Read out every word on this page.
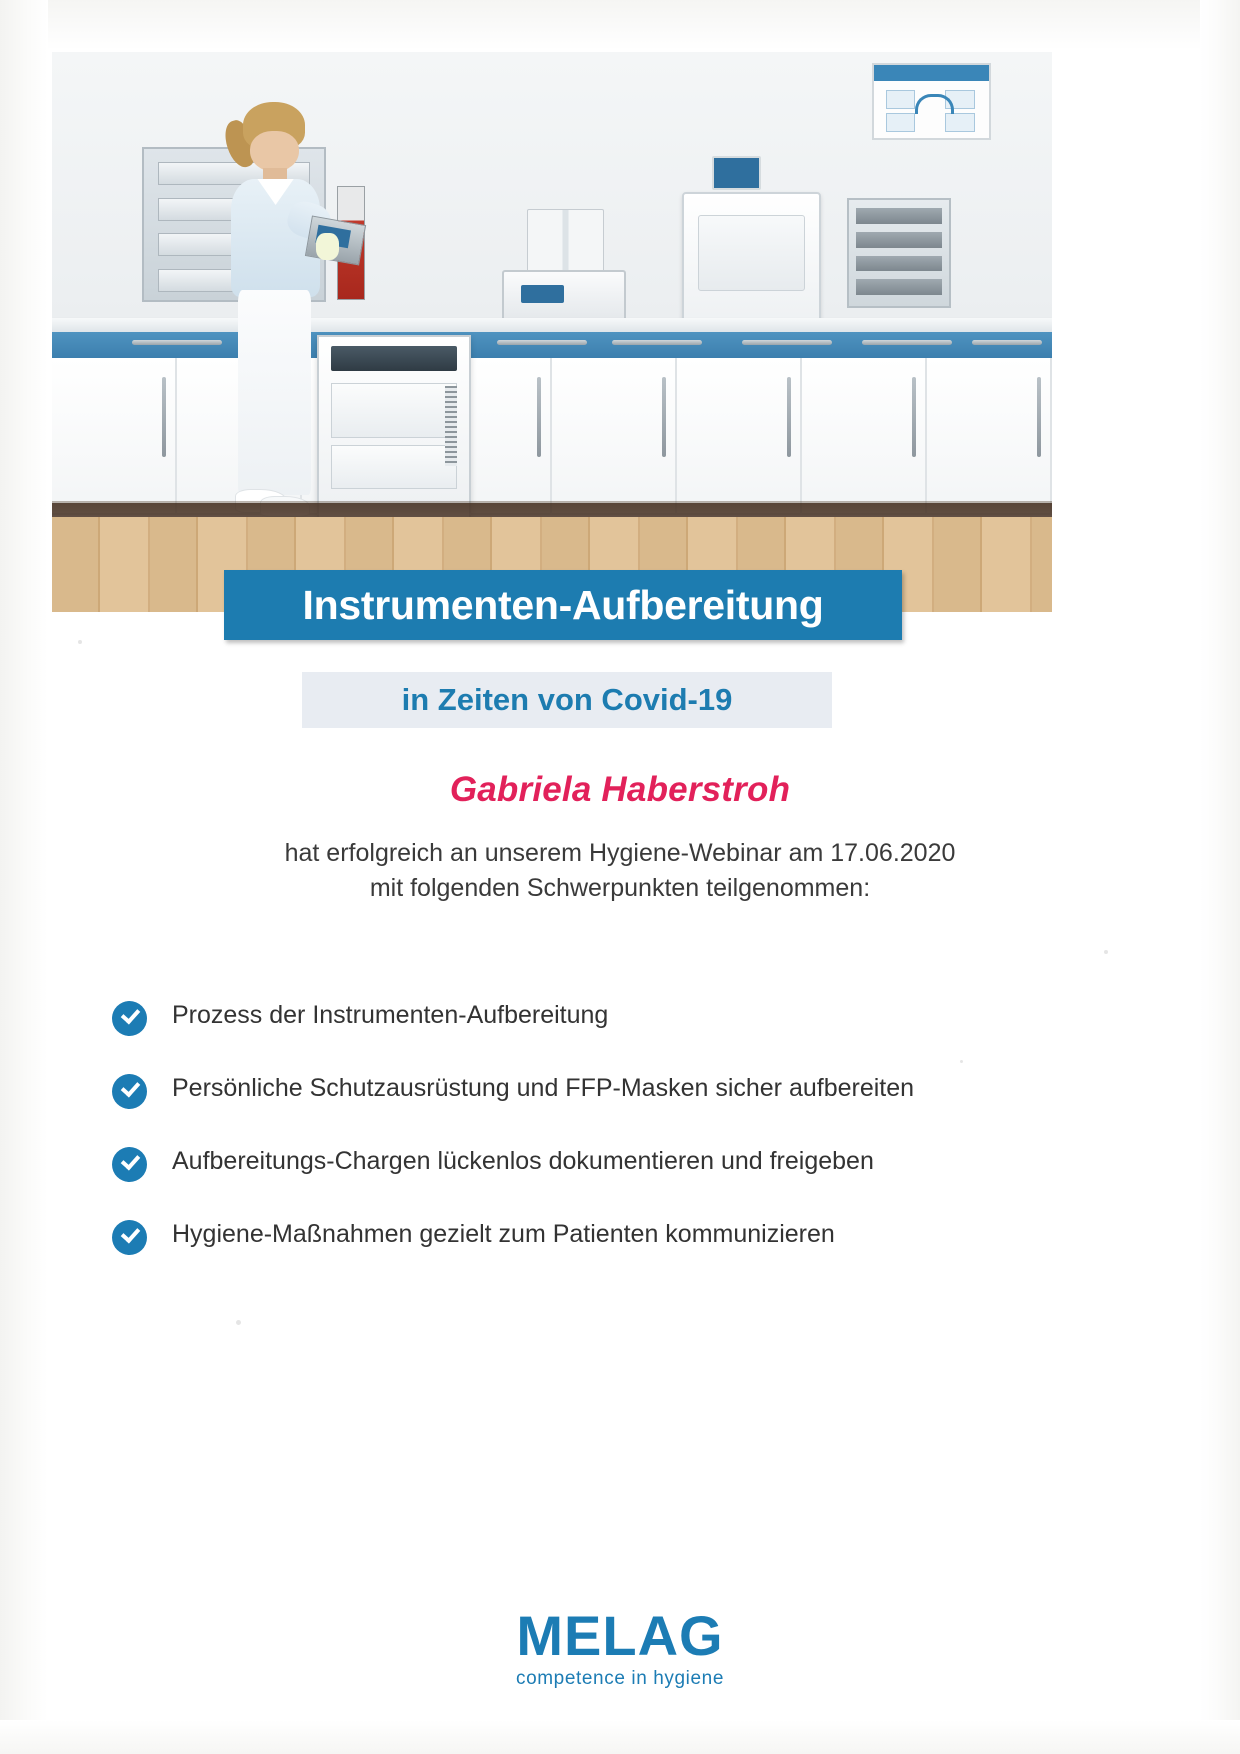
Instrumenten-Aufbereitung
in Zeiten von Covid-19
Gabriela Haberstroh
hat erfolgreich an unserem Hygiene-Webinar am 17.06.2020
mit folgenden Schwerpunkten teilgenommen:
Prozess der Instrumenten-Aufbereitung
Persönliche Schutzausrüstung und FFP-Masken sicher aufbereiten
Aufbereitungs-Chargen lückenlos dokumentieren und freigeben
Hygiene-Maßnahmen gezielt zum Patienten kommunizieren
MELAG
competence in hygiene
